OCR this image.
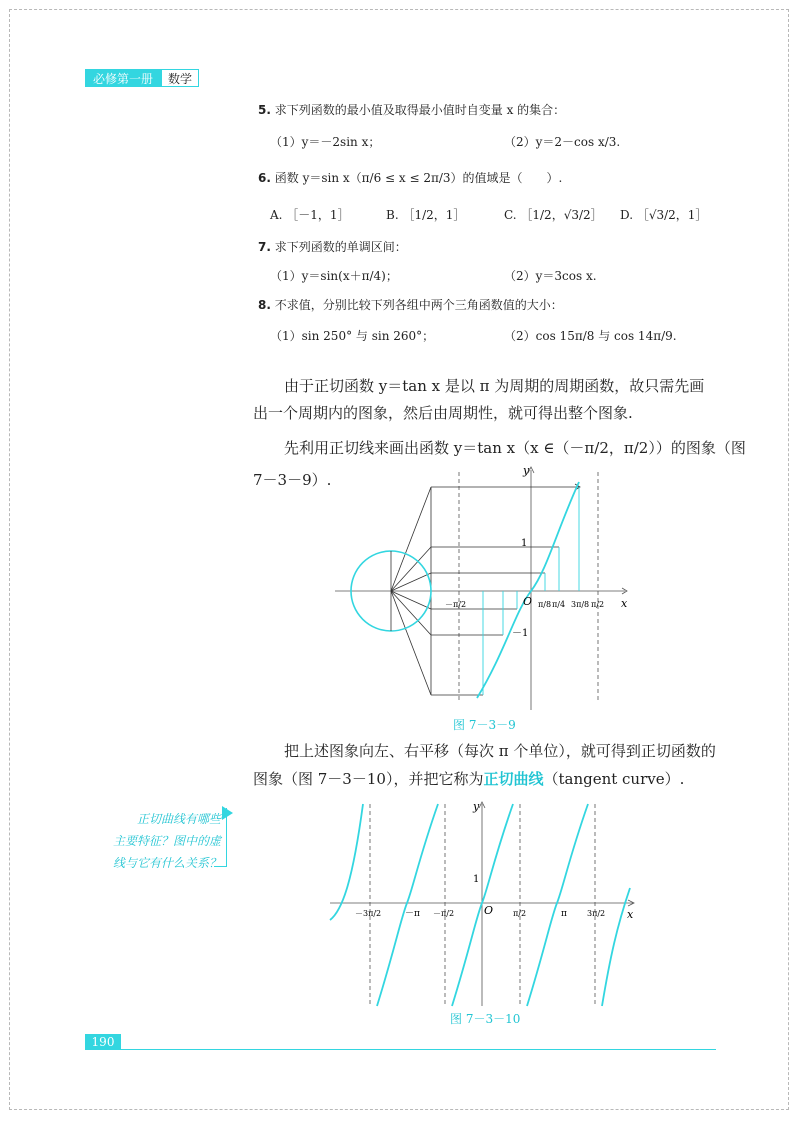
必修第一册	数学
5. 求下列函数的最小值及取得最小值时自变量 x 的集合：
（1）y＝－2sin x；	（2）y＝2－cos x/3.
6. 函数 y＝sin x（π/6 ≤ x ≤ 2π/3）的值域是（　　）.
A. ［－1，1］	B. ［1/2，1］	C. ［1/2，√3/2］ D. ［√3/2，1］
7. 求下列函数的单调区间：
（1）y＝sin(x＋π/4)；	（2）y＝3cos x.
8. 不求值，分别比较下列各组中两个三角函数值的大小：
（1）sin 250° 与 sin 260°；	（2）cos 15π/8 与 cos 14π/9.
由于正切函数 y＝tan x 是以 π 为周期的周期函数，故只需先画
出一个周期内的图象，然后由周期性，就可得出整个图象.
先利用正切线来画出函数 y＝tan x（x ∈（－π/2，π/2））的图象（图
7－3－9）.
y
x
O
1
－1
－π/2	π/8 π/4 3π/8 π/2
图 7－3－9
把上述图象向左、右平移（每次 π 个单位），就可得到正切函数的
图象（图 7－3－10），并把它称为正切曲线（tangent curve）.
正切曲线有哪些
主要特征？图中的虚
线与它有什么关系？
y
x
O
1
－3π/2	－π －π/2	π/2	π	3π/2
图 7－3－10
190
